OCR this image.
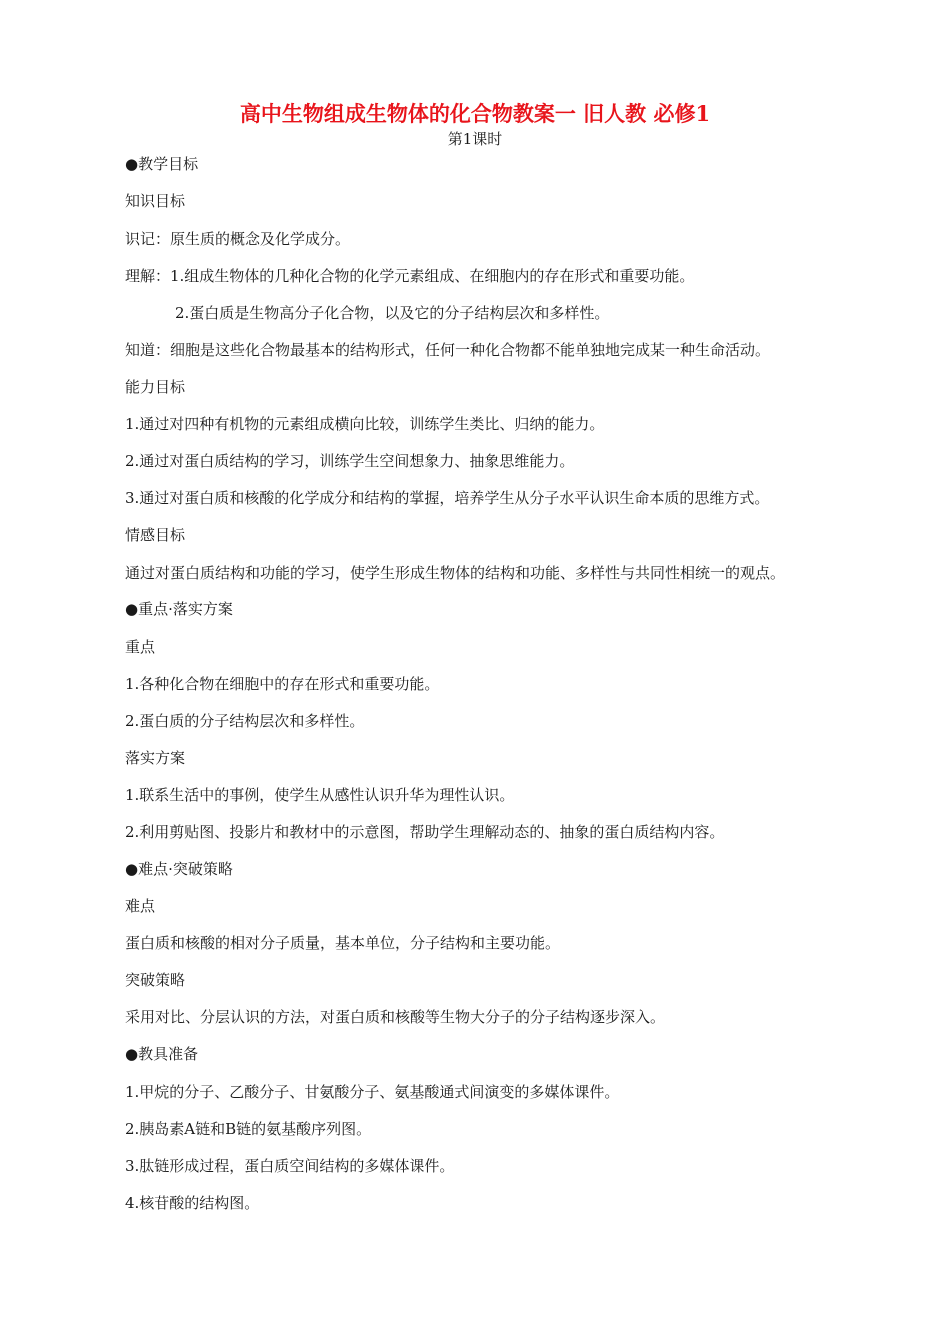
高中生物组成生物体的化合物教案一 旧人教 必修1
第1课时
●教学目标
知识目标
识记：原生质的概念及化学成分。
理解：1.组成生物体的几种化合物的化学元素组成、在细胞内的存在形式和重要功能。
2.蛋白质是生物高分子化合物，以及它的分子结构层次和多样性。
知道：细胞是这些化合物最基本的结构形式，任何一种化合物都不能单独地完成某一种生命活动。
能力目标
1.通过对四种有机物的元素组成横向比较，训练学生类比、归纳的能力。
2.通过对蛋白质结构的学习，训练学生空间想象力、抽象思维能力。
3.通过对蛋白质和核酸的化学成分和结构的掌握，培养学生从分子水平认识生命本质的思维方式。
情感目标
通过对蛋白质结构和功能的学习，使学生形成生物体的结构和功能、多样性与共同性相统一的观点。
●重点·落实方案
重点
1.各种化合物在细胞中的存在形式和重要功能。
2.蛋白质的分子结构层次和多样性。
落实方案
1.联系生活中的事例，使学生从感性认识升华为理性认识。
2.利用剪贴图、投影片和教材中的示意图，帮助学生理解动态的、抽象的蛋白质结构内容。
●难点·突破策略
难点
蛋白质和核酸的相对分子质量，基本单位，分子结构和主要功能。
突破策略
采用对比、分层认识的方法，对蛋白质和核酸等生物大分子的分子结构逐步深入。
●教具准备
1.甲烷的分子、乙酸分子、甘氨酸分子、氨基酸通式间演变的多媒体课件。
2.胰岛素A链和B链的氨基酸序列图。
3.肽链形成过程，蛋白质空间结构的多媒体课件。
4.核苷酸的结构图。
